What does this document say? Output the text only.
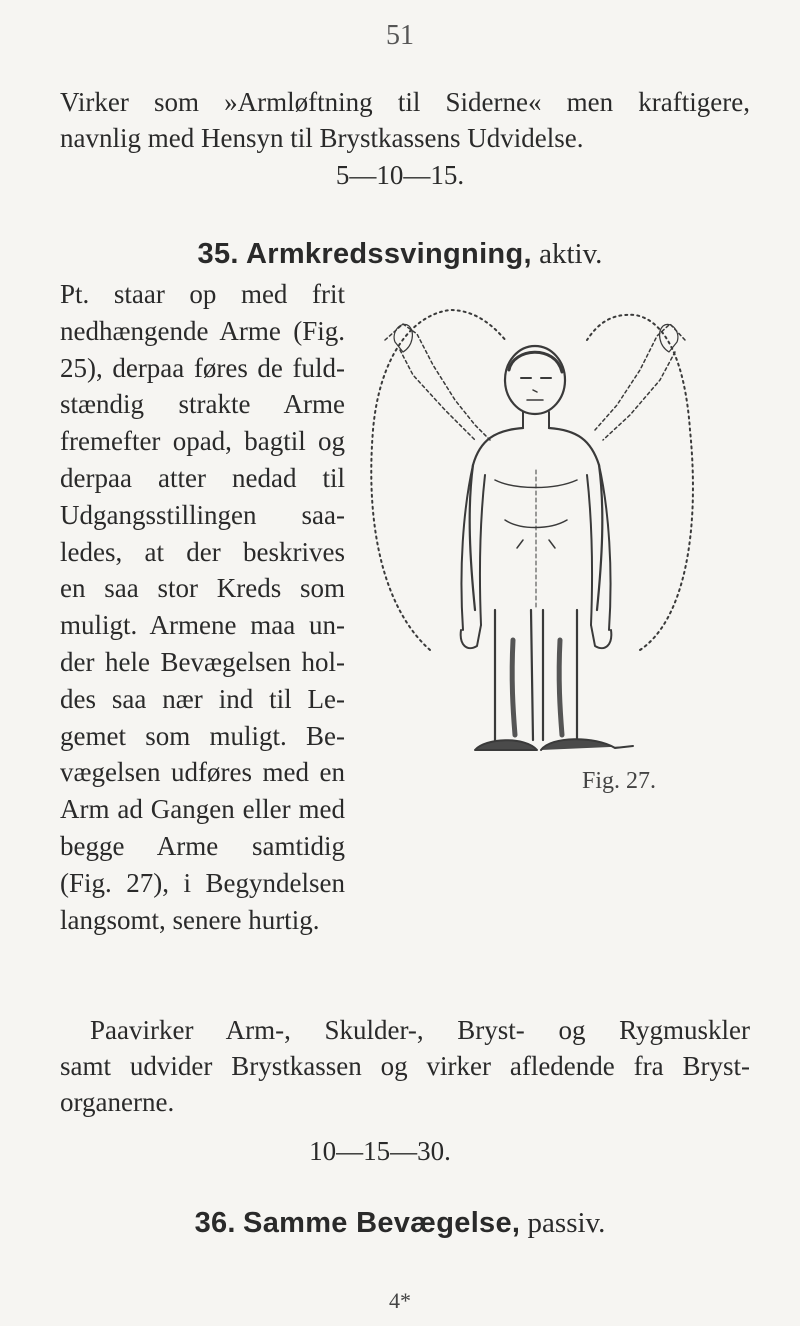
51

Virker som »Armløftning til Siderne« men kraftigere,

navnlig med Hensyn til Brystkassens Udvidelse.

5—10—15.
35. Armkredssvingning, aktiv.
Pt. staar op med frit
nedhængende Arme (Fig.
25), derpaa føres de fuld-
stændig strakte Arme
fremefter opad, bagtil og
derpaa atter nedad til
Udgangsstillingen saa-
ledes, at der beskrives
en saa stor Kreds som
muligt. Armene maa un-
der hele Bevægelsen hol-
des saa nær ind til Le-
gemet som muligt. Be-
vægelsen udføres med en
Arm ad Gangen eller med
begge Arme samtidig
(Fig. 27), i Begyndelsen
langsomt, senere hurtig.
Fig. 27.

Paavirker Arm-, Skulder-, Bryst- og Rygmuskler

samt udvider Brystkassen og virker afledende fra Bryst-

organerne.

10—15—30.
36. Samme Bevægelse, passiv.
4*
